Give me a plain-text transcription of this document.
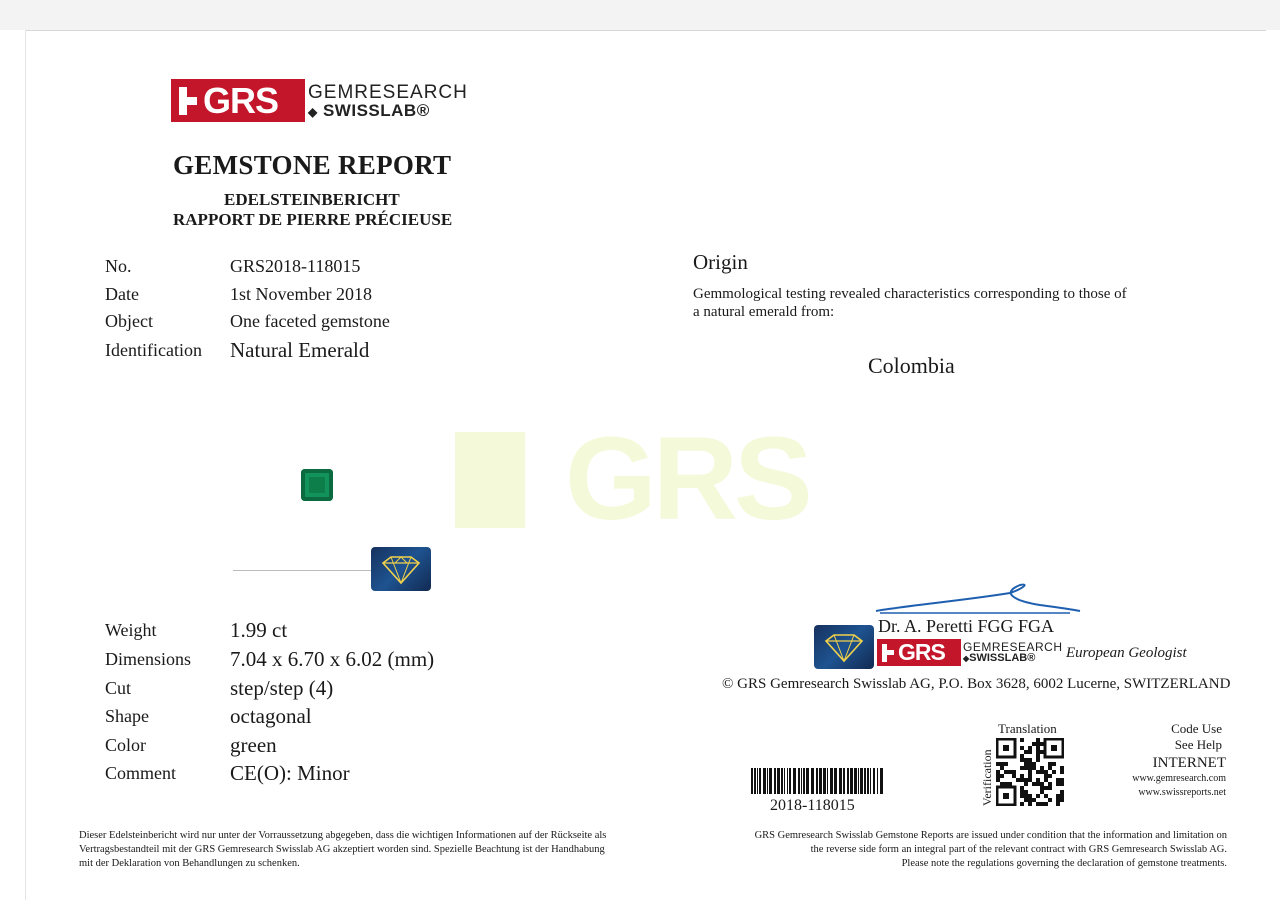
GRS
GRS GEMRESEARCH
◆ SWISSLAB®
GEMSTONE REPORT
EDELSTEINBERICHT
RAPPORT DE PIERRE PRÉCIEUSE
No.	GRS2018-118015
Date	1st November 2018
Object	One faceted gemstone
Identification Natural Emerald
Weight	1.99 ct
Dimensions 7.04 x 6.70 x 6.02 (mm)
Cut	step/step (4)
Shape	octagonal
Color	green
Comment	CE(O): Minor
Origin
Gemmological testing revealed characteristics corresponding to those of a natural emerald from:
Colombia
Dr. A. Peretti FGG FGA
GRS GEMRESEARCH
◆SWISSLAB®	European Geologist
© GRS Gemresearch Swisslab AG, P.O. Box 3628, 6002 Lucerne, SWITZERLAND
2018-118015	Verification
Translation	Code Use
See Help
INTERNET
www.gemresearch.com
www.swissreports.net
Dieser Edelsteinbericht wird nur unter der Vorraussetzung abgegeben, dass die wichtigen Informationen auf der Rückseite als Vertragsbestandteil mit der GRS Gemresearch Swisslab AG akzeptiert worden sind. Spezielle Beachtung ist der Handhabung mit der Deklaration von Behandlungen zu schenken.
GRS Gemresearch Swisslab Gemstone Reports are issued under condition that the information and limitation on
the reverse side form an integral part of the relevant contract with GRS Gemresearch Swisslab AG.
Please note the regulations governing the declaration of gemstone treatments.
